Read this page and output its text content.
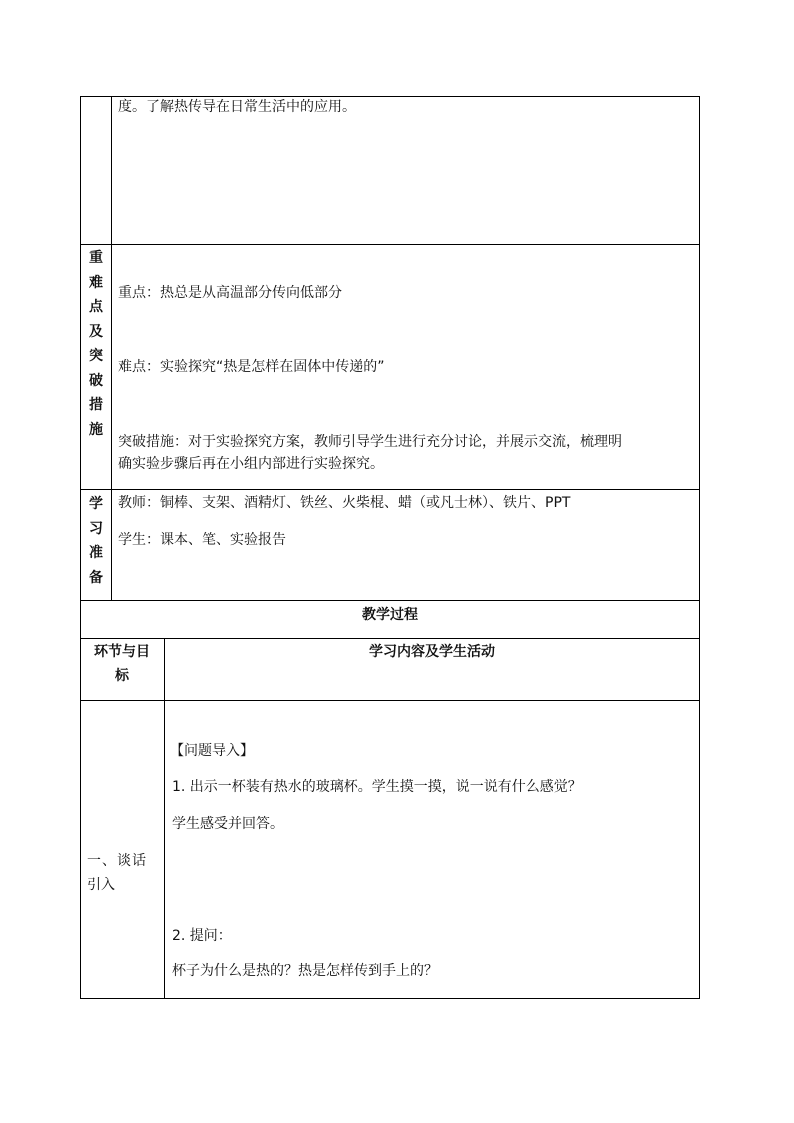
度。了解热传导在日常生活中的应用。
重
难
点
及
突
破
措
施
重点：热总是从高温部分传向低部分
难点：实验探究“热是怎样在固体中传递的”
突破措施：对于实验探究方案，教师引导学生进行充分讨论，并展示交流，梳理明
确实验步骤后再在小组内部进行实验探究。
学
习
准
备
教师：铜棒、支架、酒精灯、铁丝、火柴棍、蜡（或凡士林）、铁片、PPT
学生：课本、笔、实验报告
教学过程
环节与目
标
学习内容及学生活动
一、谈话
引入
【问题导入】
1. 出示一杯装有热水的玻璃杯。学生摸一摸，说一说有什么感觉？
学生感受并回答。
2. 提问：
杯子为什么是热的？热是怎样传到手上的？
